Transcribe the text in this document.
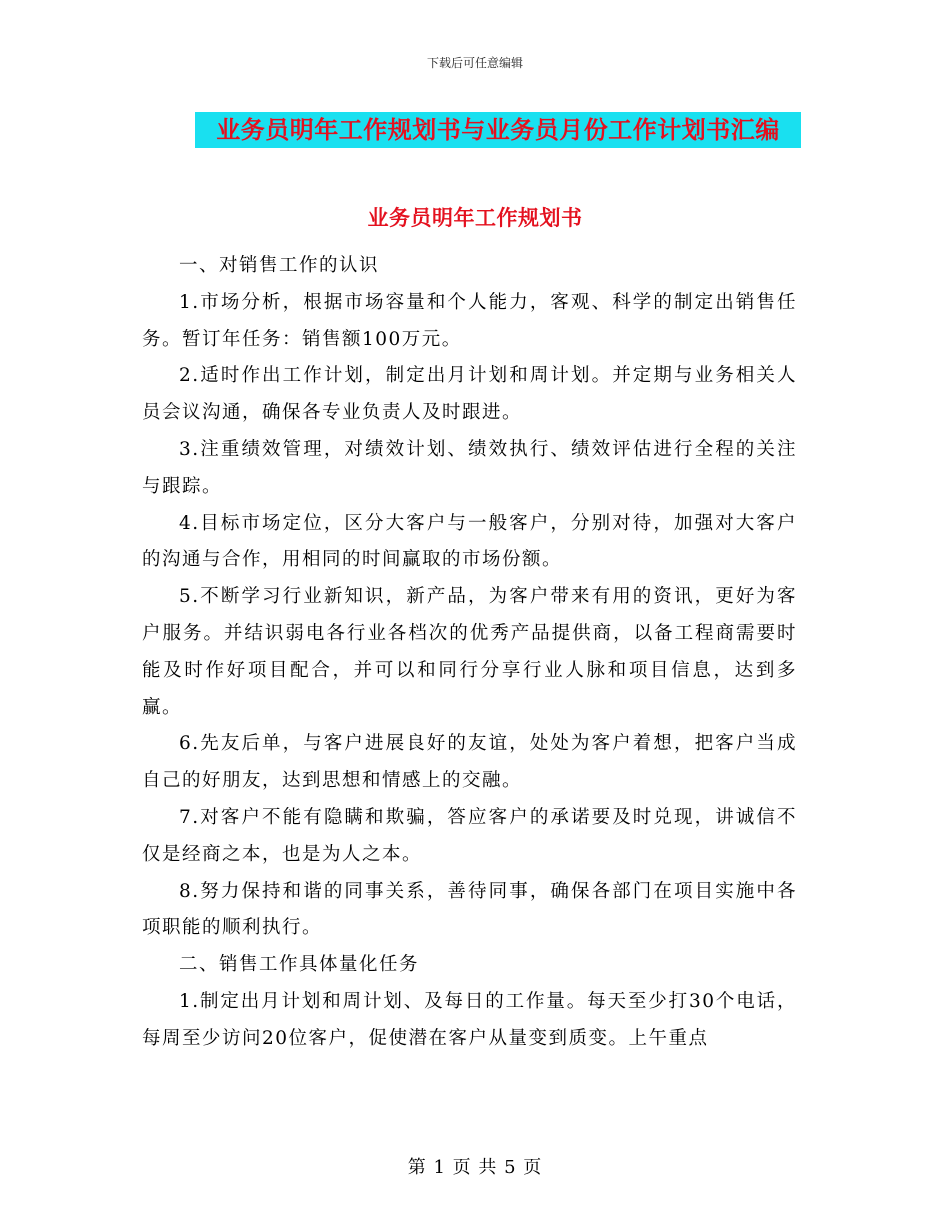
下载后可任意编辑
业务员明年工作规划书与业务员月份工作计划书汇编
业务员明年工作规划书

一、对销售工作的认识

1.市场分析，根据市场容量和个人能力，客观、科学的制定出销售任务。暂订年任务：销售额100万元。

2.适时作出工作计划，制定出月计划和周计划。并定期与业务相关人员会议沟通，确保各专业负责人及时跟进。

3.注重绩效管理，对绩效计划、绩效执行、绩效评估进行全程的关注与跟踪。

4.目标市场定位，区分大客户与一般客户，分别对待，加强对大客户的沟通与合作，用相同的时间赢取的市场份额。

5.不断学习行业新知识，新产品，为客户带来有用的资讯，更好为客户服务。并结识弱电各行业各档次的优秀产品提供商，以备工程商需要时能及时作好项目配合，并可以和同行分享行业人脉和项目信息，达到多赢。

6.先友后单，与客户进展良好的友谊，处处为客户着想，把客户当成自己的好朋友，达到思想和情感上的交融。

7.对客户不能有隐瞒和欺骗，答应客户的承诺要及时兑现，讲诚信不仅是经商之本，也是为人之本。

8.努力保持和谐的同事关系，善待同事，确保各部门在项目实施中各项职能的顺利执行。

二、销售工作具体量化任务

1.制定出月计划和周计划、及每日的工作量。每天至少打30个电话，每周至少访问20位客户，促使潜在客户从量变到质变。上午重点

第 1 页 共 5 页
